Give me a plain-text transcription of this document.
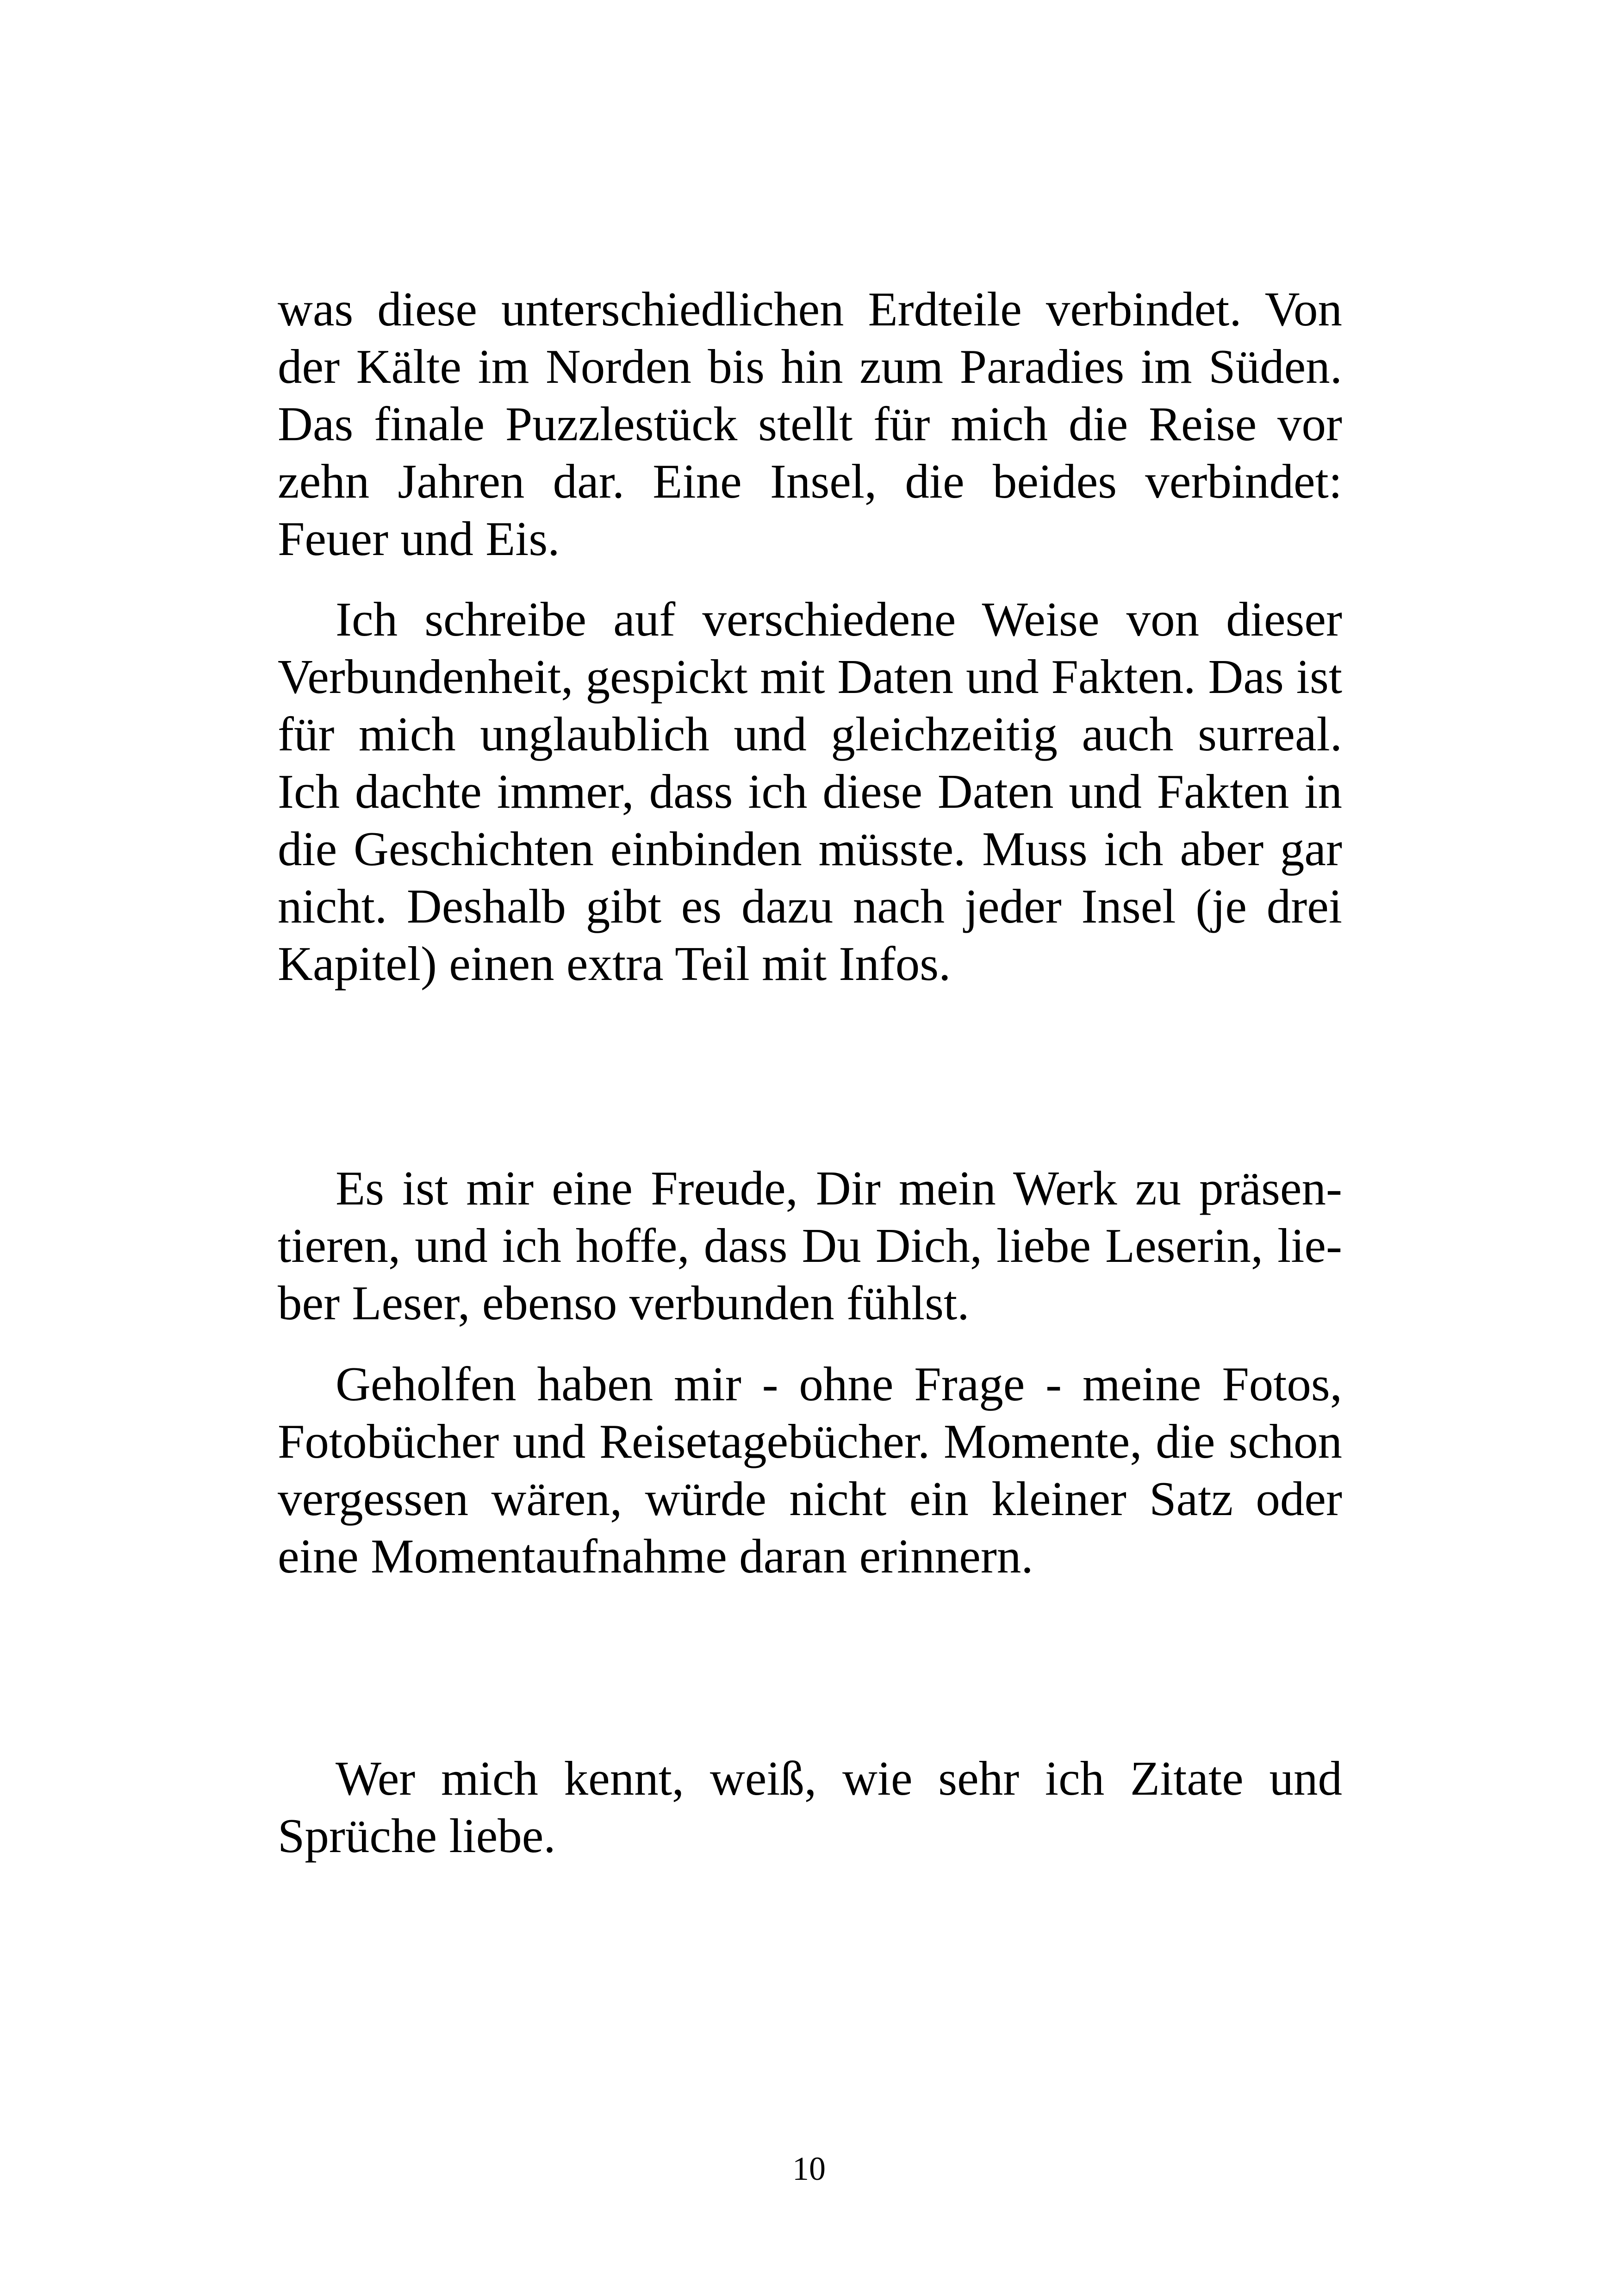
was diese unterschiedlichen Erdteile verbindet. Von der Kälte im Norden bis hin zum Paradies im Süden. Das finale Puzzlestück stellt für mich die Reise vor zehn Jahren dar. Eine Insel, die beides verbindet: Feuer und Eis.

Ich schreibe auf verschiedene Weise von dieser Verbundenheit, gespickt mit Daten und Fakten. Das ist für mich unglaublich und gleichzeitig auch surreal. Ich dachte immer, dass ich diese Daten und Fakten in die Geschichten einbinden müsste. Muss ich aber gar nicht. Deshalb gibt es dazu nach jeder Insel (je drei Kapitel) einen extra Teil mit Infos.

Es ist mir eine Freude, Dir mein Werk zu präsentieren, und ich hoffe, dass Du Dich, liebe Leserin, lieber Leser, ebenso verbunden fühlst.

Geholfen haben mir - ohne Frage - meine Fotos, Fotobücher und Reisetagebücher. Momente, die schon vergessen wären, würde nicht ein kleiner Satz oder eine Momentaufnahme daran erinnern.

Wer mich kennt, weiß, wie sehr ich Zitate und Sprüche liebe.

10
